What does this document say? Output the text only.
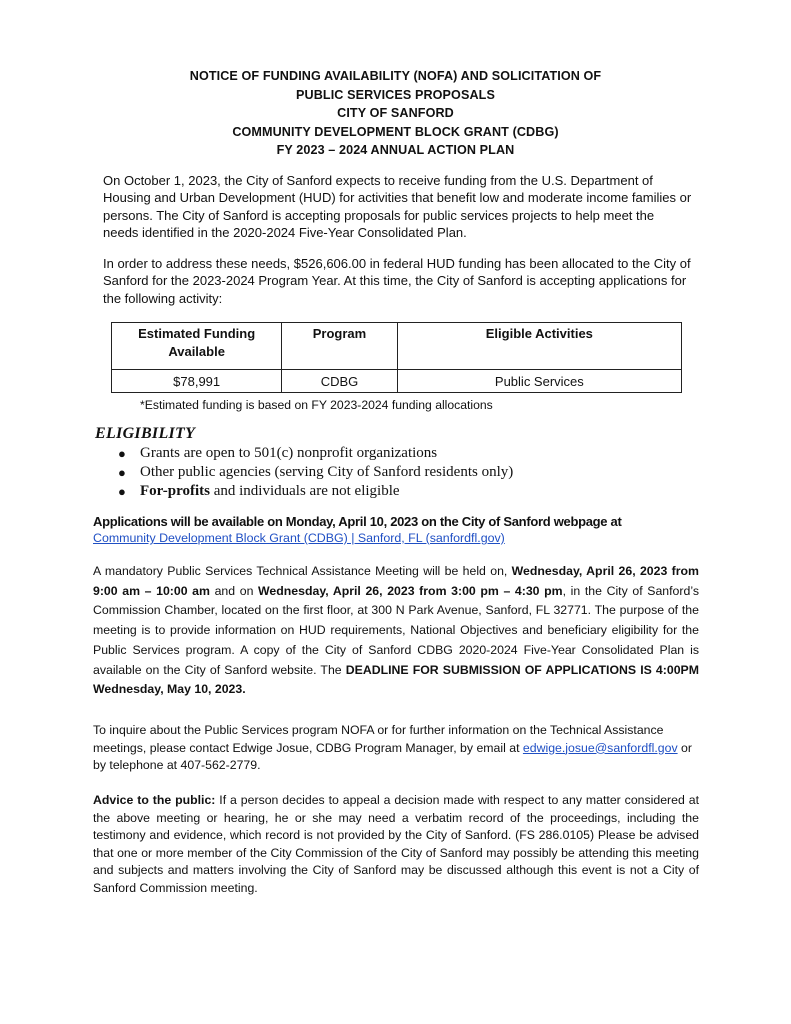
NOTICE OF FUNDING AVAILABILITY (NOFA) AND SOLICITATION OF
PUBLIC SERVICES PROPOSALS
CITY OF SANFORD
COMMUNITY DEVELOPMENT BLOCK GRANT (CDBG)
FY 2023 – 2024 ANNUAL ACTION PLAN

On October 1, 2023, the City of Sanford expects to receive funding from the U.S. Department of Housing and Urban Development (HUD) for activities that benefit low and moderate income families or persons. The City of Sanford is accepting proposals for public services projects to help meet the needs identified in the 2020-2024 Five-Year Consolidated Plan.

In order to address these needs, $526,606.00 in federal HUD funding has been allocated to the City of Sanford for the 2023-2024 Program Year. At this time, the City of Sanford is accepting applications for the following activity:

Estimated Funding Available	Program	Eligible Activities
$78,991	CDBG	Public Services
*Estimated funding is based on FY 2023-2024 funding allocations
ELIGIBILITY
● Grants are open to 501(c) nonprofit organizations
● Other public agencies (serving City of Sanford residents only)
● For-profits and individuals are not eligible
Applications will be available on Monday, April 10, 2023 on the City of Sanford webpage at
Community Development Block Grant (CDBG) | Sanford, FL (sanfordfl.gov)

A mandatory Public Services Technical Assistance Meeting will be held on, Wednesday, April 26, 2023 from 9:00 am – 10:00 am and on Wednesday, April 26, 2023 from 3:00 pm – 4:30 pm, in the City of Sanford’s Commission Chamber, located on the first floor, at 300 N Park Avenue, Sanford, FL 32771. The purpose of the meeting is to provide information on HUD requirements, National Objectives and beneficiary eligibility for the Public Services program. A copy of the City of Sanford CDBG 2020-2024 Five-Year Consolidated Plan is available on the City of Sanford website. The DEADLINE FOR SUBMISSION OF APPLICATIONS IS 4:00PM Wednesday, May 10, 2023.

To inquire about the Public Services program NOFA or for further information on the Technical Assistance meetings, please contact Edwige Josue, CDBG Program Manager, by email at edwige.josue@sanfordfl.gov or by telephone at 407-562-2779.

Advice to the public: If a person decides to appeal a decision made with respect to any matter considered at the above meeting or hearing, he or she may need a verbatim record of the proceedings, including the testimony and evidence, which record is not provided by the City of Sanford. (FS 286.0105) Please be advised that one or more member of the City Commission of the City of Sanford may possibly be attending this meeting and subjects and matters involving the City of Sanford may be discussed although this event is not a City of Sanford Commission meeting.
